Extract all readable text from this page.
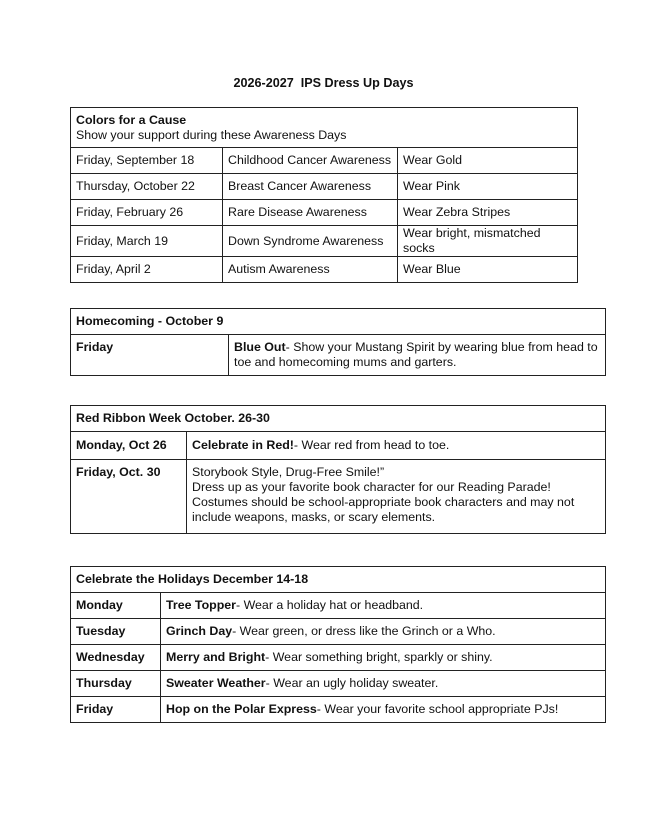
2026-2027  IPS Dress Up Days
Colors for a Cause
Show your support during these Awareness Days		
Friday, September 18	Childhood Cancer Awareness	Wear Gold
Thursday, October 22	Breast Cancer Awareness	Wear Pink
Friday, February 26	Rare Disease Awareness	Wear Zebra Stripes
Friday, March 19	Down Syndrome Awareness	Wear bright, mismatched socks
Friday, April 2	Autism Awareness	Wear Blue
Homecoming - October 9
Friday	Blue Out- Show your Mustang Spirit by wearing blue from head to toe and homecoming mums and garters.
Red Ribbon Week October. 26-30	
Monday, Oct 26	Celebrate in Red!- Wear red from head to toe.
Friday, Oct. 30	Storybook Style, Drug-Free Smile!”
Dress up as your favorite book character for our Reading Parade! Costumes should be school-appropriate book characters and may not include weapons, masks, or scary elements.
Celebrate the Holidays December 14-18	
Monday	Tree Topper- Wear a holiday hat or headband.
Tuesday	Grinch Day- Wear green, or dress like the Grinch or a Who.
Wednesday	Merry and Bright- Wear something bright, sparkly or shiny.
Thursday	Sweater Weather- Wear an ugly holiday sweater.
Friday	Hop on the Polar Express- Wear your favorite school appropriate PJs!
